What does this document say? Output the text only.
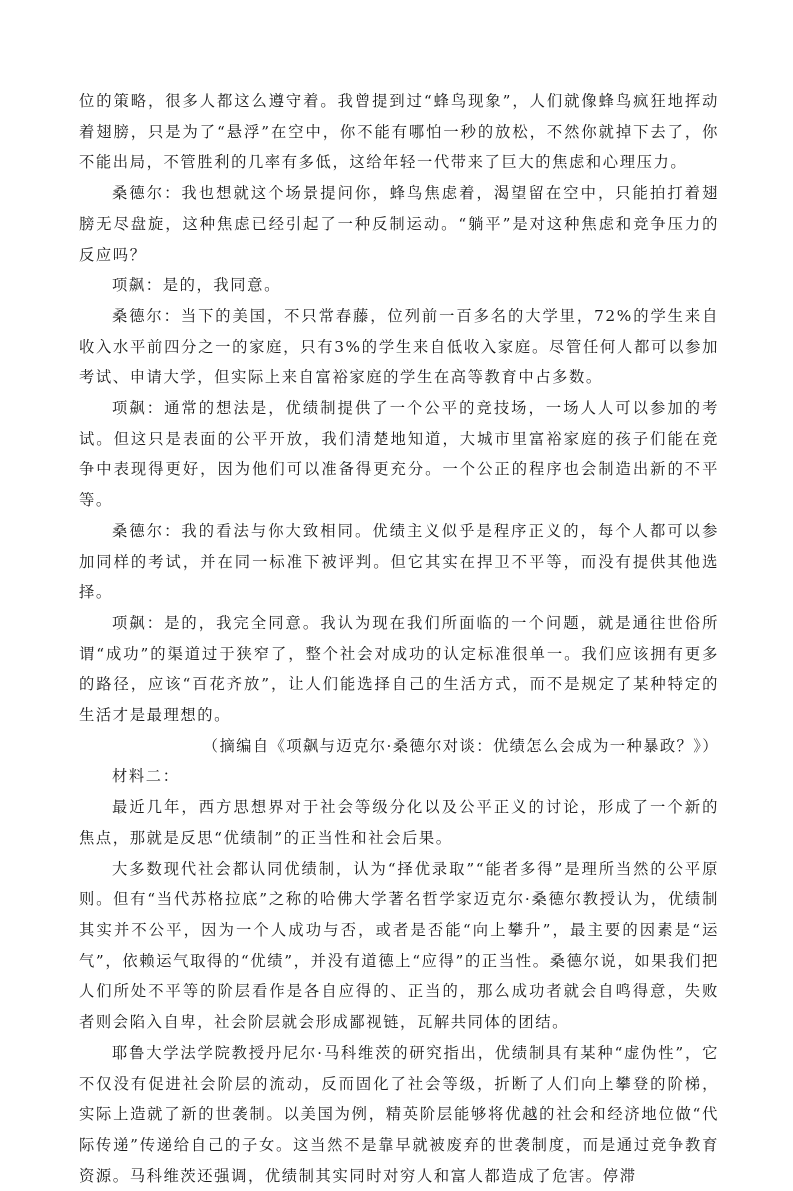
位的策略，很多人都这么遵守着。我曾提到过“蜂鸟现象”，人们就像蜂鸟疯狂地挥动着翅膀，只是为了“悬浮”在空中，你不能有哪怕一秒的放松，不然你就掉下去了，你不能出局，不管胜利的几率有多低，这给年轻一代带来了巨大的焦虑和心理压力。

桑德尔：我也想就这个场景提问你，蜂鸟焦虑着，渴望留在空中，只能拍打着翅膀无尽盘旋，这种焦虑已经引起了一种反制运动。“躺平”是对这种焦虑和竞争压力的反应吗？

项飙：是的，我同意。

桑德尔：当下的美国，不只常春藤，位列前一百多名的大学里，72%的学生来自收入水平前四分之一的家庭，只有3%的学生来自低收入家庭。尽管任何人都可以参加考试、申请大学，但实际上来自富裕家庭的学生在高等教育中占多数。

项飙：通常的想法是，优绩制提供了一个公平的竞技场，一场人人可以参加的考试。但这只是表面的公平开放，我们清楚地知道，大城市里富裕家庭的孩子们能在竞争中表现得更好，因为他们可以准备得更充分。一个公正的程序也会制造出新的不平等。

桑德尔：我的看法与你大致相同。优绩主义似乎是程序正义的，每个人都可以参加同样的考试，并在同一标准下被评判。但它其实在捍卫不平等，而没有提供其他选择。

项飙：是的，我完全同意。我认为现在我们所面临的一个问题，就是通往世俗所谓“成功”的渠道过于狭窄了，整个社会对成功的认定标准很单一。我们应该拥有更多的路径，应该“百花齐放”，让人们能选择自己的生活方式，而不是规定了某种特定的生活才是最理想的。

（摘编自《项飙与迈克尔·桑德尔对谈：优绩怎么会成为一种暴政？》）

材料二：

最近几年，西方思想界对于社会等级分化以及公平正义的讨论，形成了一个新的焦点，那就是反思“优绩制”的正当性和社会后果。

大多数现代社会都认同优绩制，认为“择优录取”“能者多得”是理所当然的公平原则。但有“当代苏格拉底”之称的哈佛大学著名哲学家迈克尔·桑德尔教授认为，优绩制其实并不公平，因为一个人成功与否，或者是否能“向上攀升”，最主要的因素是“运气”，依赖运气取得的“优绩”，并没有道德上“应得”的正当性。桑德尔说，如果我们把人们所处不平等的阶层看作是各自应得的、正当的，那么成功者就会自鸣得意，失败者则会陷入自卑，社会阶层就会形成鄙视链，瓦解共同体的团结。

耶鲁大学法学院教授丹尼尔·马科维茨的研究指出，优绩制具有某种“虚伪性”，它不仅没有促进社会阶层的流动，反而固化了社会等级，折断了人们向上攀登的阶梯，实际上造就了新的世袭制。以美国为例，精英阶层能够将优越的社会和经济地位做“代际传递”传递给自己的子女。这当然不是靠早就被废弃的世袭制度，而是通过竞争教育资源。马科维茨还强调，优绩制其实同时对穷人和富人都造成了危害。停滞
